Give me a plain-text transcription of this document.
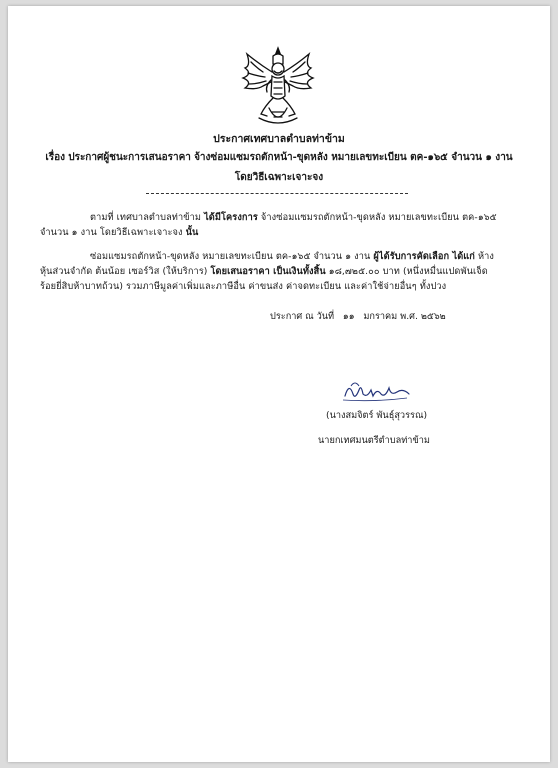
ประกาศเทศบาลตำบลท่าข้าม
เรื่อง ประกาศผู้ชนะการเสนอราคา จ้างซ่อมแซมรถตักหน้า-ขุดหลัง หมายเลขทะเบียน ตค-๑๖๕ จำนวน ๑ งาน
โดยวิธีเฉพาะเจาะจง
ตามที่ เทศบาลตำบลท่าข้าม ได้มีโครงการ จ้างซ่อมแซมรถตักหน้า-ขุดหลัง หมายเลขทะเบียน ตค-๑๖๕
จำนวน ๑ งาน โดยวิธีเฉพาะเจาะจง นั้น
ซ่อมแซมรถตักหน้า-ขุดหลัง หมายเลขทะเบียน ตค-๑๖๕ จำนวน ๑ งาน ผู้ได้รับการคัดเลือก ได้แก่ ห้าง
หุ้นส่วนจำกัด ต้นน้อย เซอร์วิส (ให้บริการ) โดยเสนอราคา เป็นเงินทั้งสิ้น ๑๘,๗๒๕.๐๐ บาท (หนึ่งหมื่นแปดพันเจ็ด
ร้อยยี่สิบห้าบาทถ้วน) รวมภาษีมูลค่าเพิ่มและภาษีอื่น ค่าขนส่ง ค่าจดทะเบียน และค่าใช้จ่ายอื่นๆ ทั้งปวง
ประกาศ ณ วันที่ ๑๑ มกราคม พ.ศ. ๒๕๖๒
(นางสมจิตร์ พันธุ์สุวรรณ)
นายกเทศมนตรีตำบลท่าข้าม
